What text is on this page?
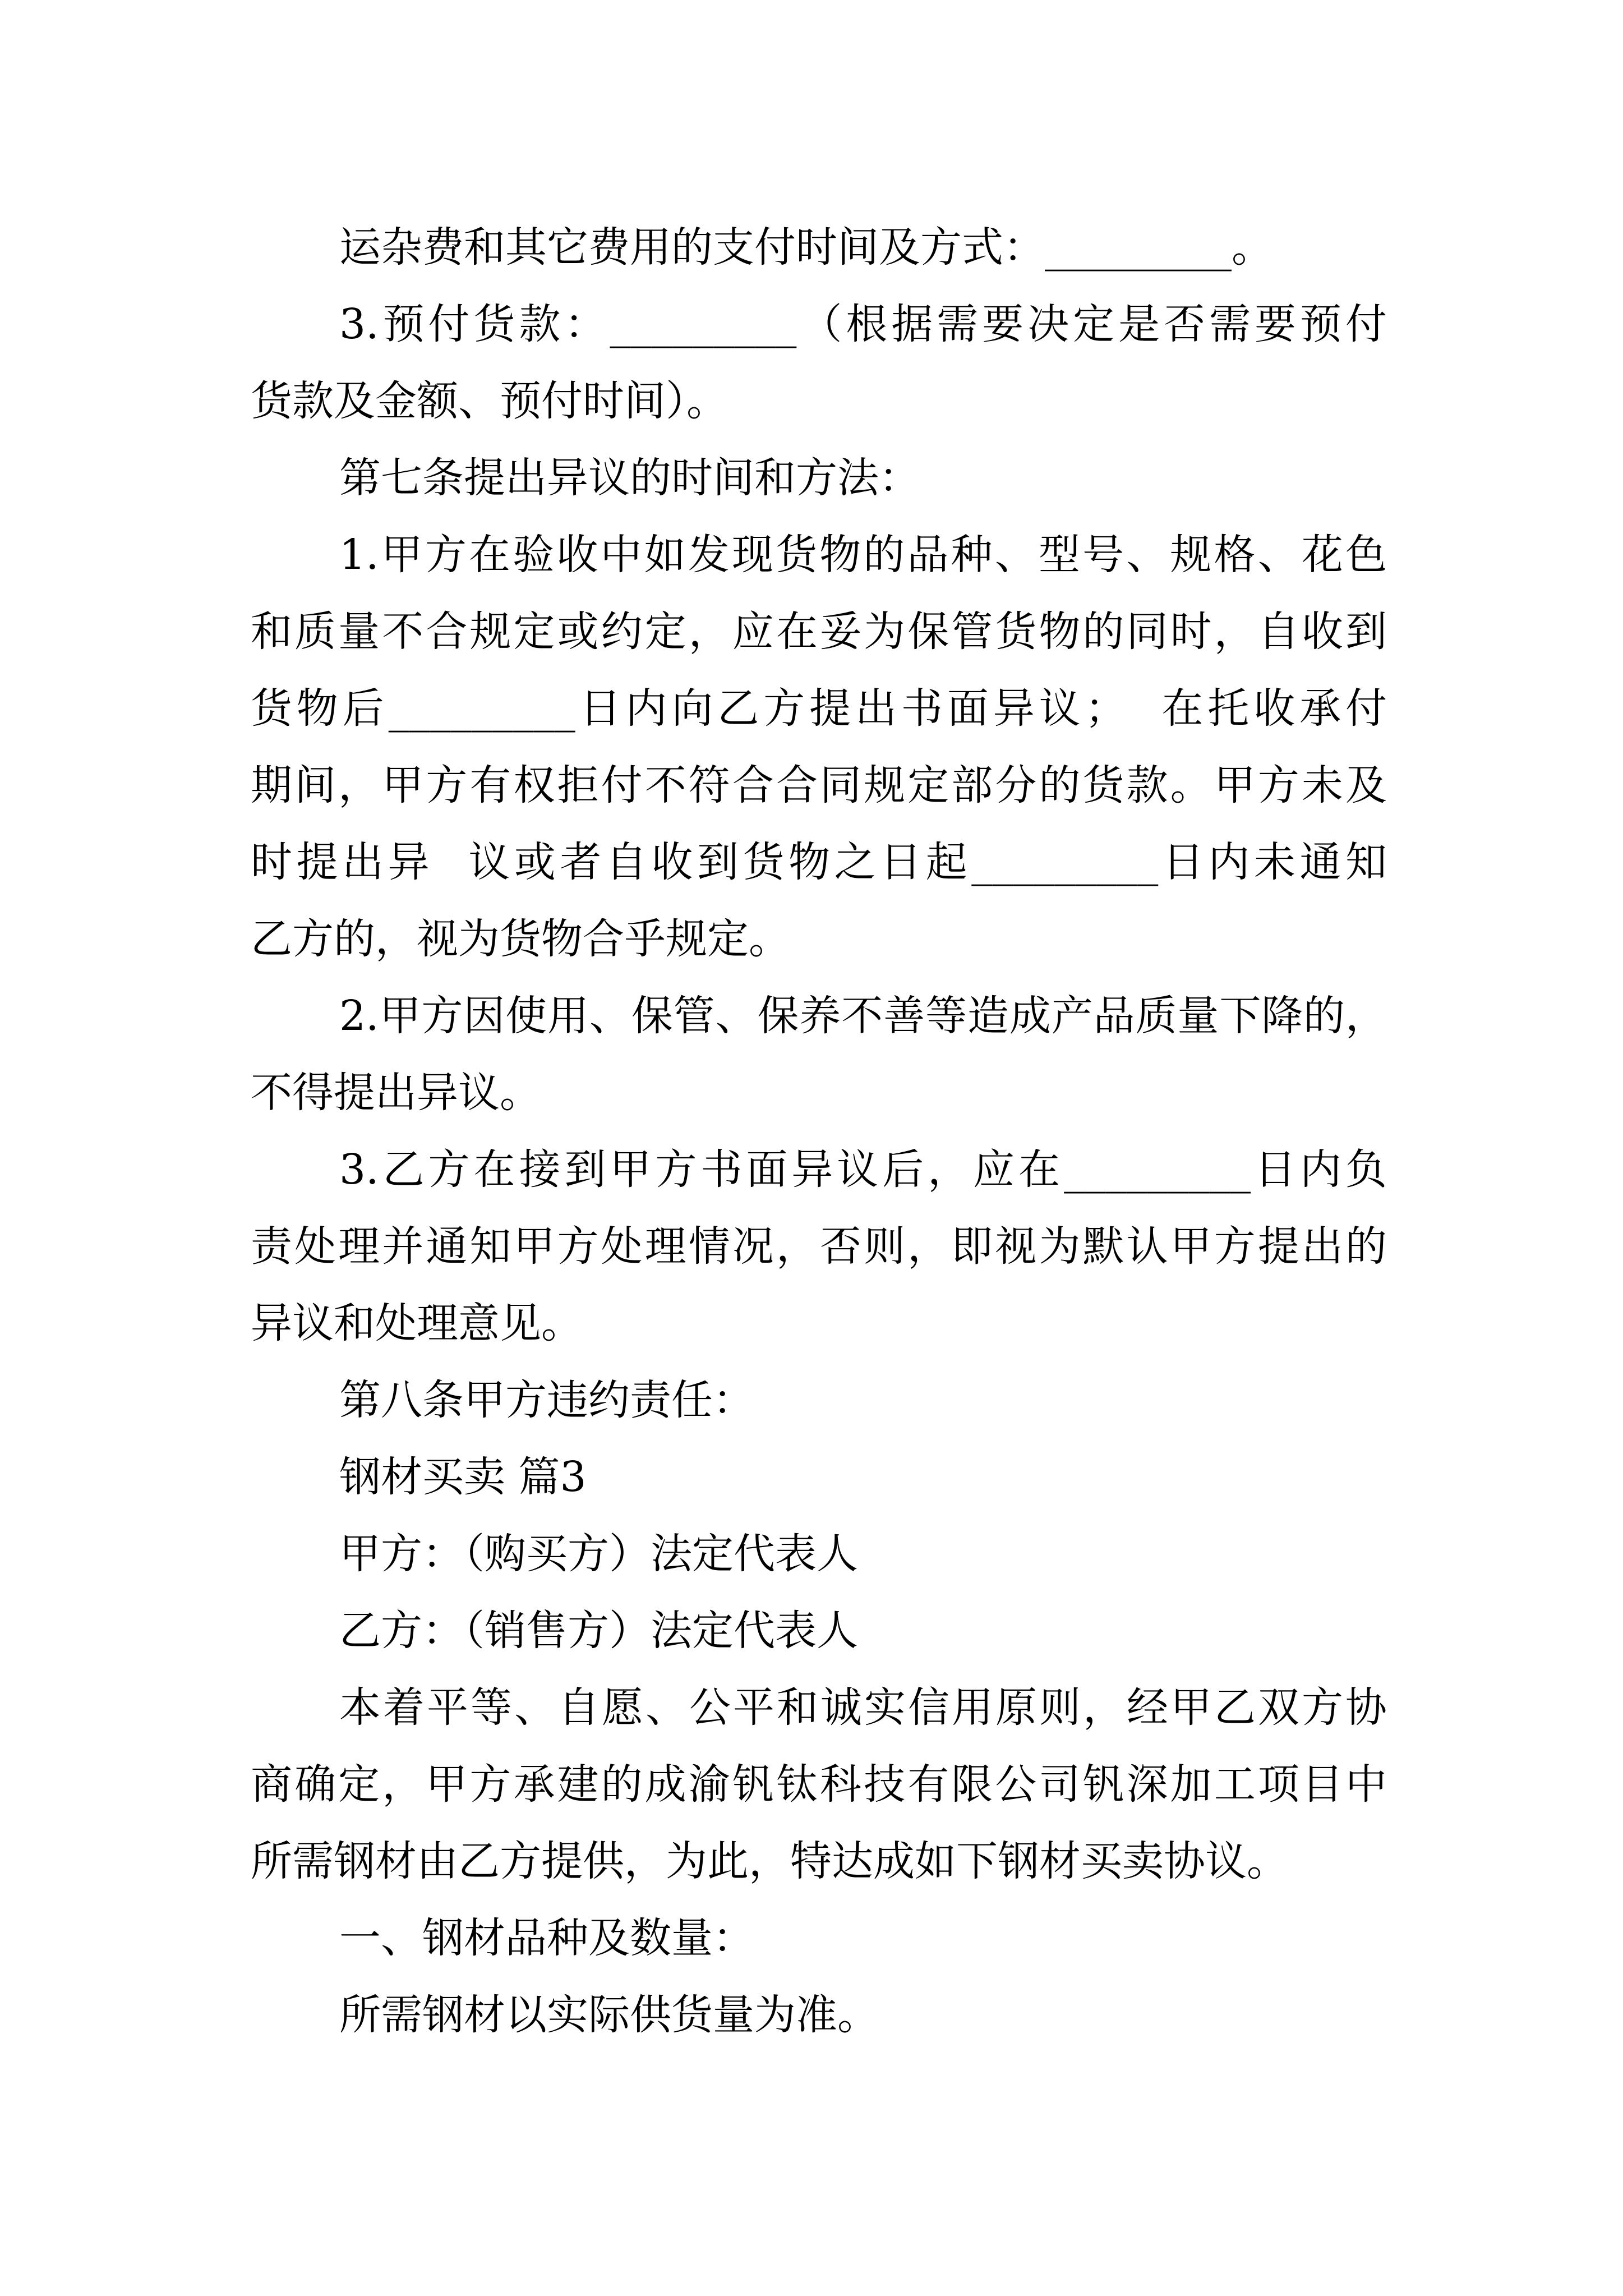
运杂费和其它费用的支付时间及方式：_________。
3.预付货款：_________（根据需要决定是否需要预付
货款及金额、预付时间）。
第七条提出异议的时间和方法：
1.甲方在验收中如发现货物的品种、型号、规格、花色
和质量不合规定或约定，应在妥为保管货物的同时，自收到
货物后_________日内向乙方提出书面异议；  在托收承付
期间，甲方有权拒付不符合合同规定部分的货款。甲方未及
时提出异  议或者自收到货物之日起_________日内未通知
乙方的，视为货物合乎规定。
2.甲方因使用、保管、保养不善等造成产品质量下降的，
不得提出异议。
3.乙方在接到甲方书面异议后，应在_________日内负
责处理并通知甲方处理情况，否则，即视为默认甲方提出的
异议和处理意见。
第八条甲方违约责任：
钢材买卖 篇3
甲方：（购买方）法定代表人
乙方：（销售方）法定代表人
本着平等、自愿、公平和诚实信用原则，经甲乙双方协
商确定，甲方承建的成渝钒钛科技有限公司钒深加工项目中
所需钢材由乙方提供，为此，特达成如下钢材买卖协议。
一、钢材品种及数量：
所需钢材以实际供货量为准。
